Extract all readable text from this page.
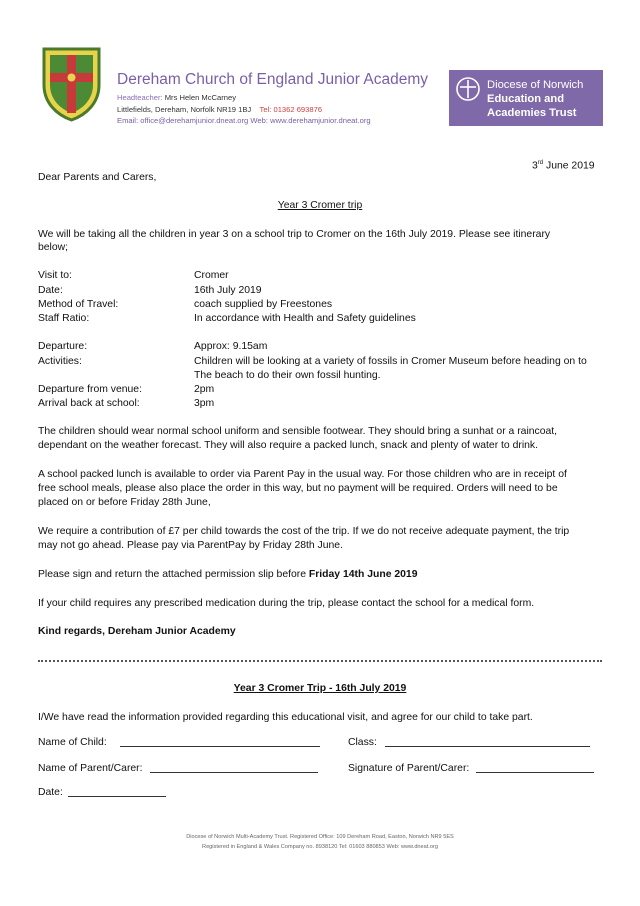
Dereham Church of England Junior Academy
Headteacher: Mrs Helen McCarney
Littlefields, Dereham, Norfolk NR19 1BJ Tel: 01362 693876
Email: office@derehamjunior.dneat.org Web: www.derehamjunior.dneat.org
Diocese of Norwich
Education and
Academies Trust
3rd June 2019
Dear Parents and Carers,
Year 3 Cromer trip
We will be taking all the children in year 3 on a school trip to Cromer on the 16th July 2019. Please see itinerary
below;
Visit to:	Cromer
Date:	16th July 2019
Method of Travel:	coach supplied by Freestones
Staff Ratio:	In accordance with Health and Safety guidelines
Departure:	Approx: 9.15am
Activities:	Children will be looking at a variety of fossils in Cromer Museum before heading on to
The beach to do their own fossil hunting.
Departure from venue:	2pm
Arrival back at school:	3pm
The children should wear normal school uniform and sensible footwear. They should bring a sunhat or a raincoat,
dependant on the weather forecast. They will also require a packed lunch, snack and plenty of water to drink.
A school packed lunch is available to order via Parent Pay in the usual way. For those children who are in receipt of
free school meals, please also place the order in this way, but no payment will be required. Orders will need to be
placed on or before Friday 28th June,
We require a contribution of £7 per child towards the cost of the trip. If we do not receive adequate payment, the trip
may not go ahead. Please pay via ParentPay by Friday 28th June.
Please sign and return the attached permission slip before Friday 14th June 2019
If your child requires any prescribed medication during the trip, please contact the school for a medical form.
Kind regards, Dereham Junior Academy
Year 3 Cromer Trip - 16th July 2019
I/We have read the information provided regarding this educational visit, and agree for our child to take part.
Name of Child:	Class:
Name of Parent/Carer:	Signature of Parent/Carer:
Date:
Diocese of Norwich Multi-Academy Trust. Registered Office: 109 Dereham Road, Easton, Norwich NR9 5ES
Registered in England & Wales Company no. 8938120 Tel: 01603 880853 Web: www.dneat.org
